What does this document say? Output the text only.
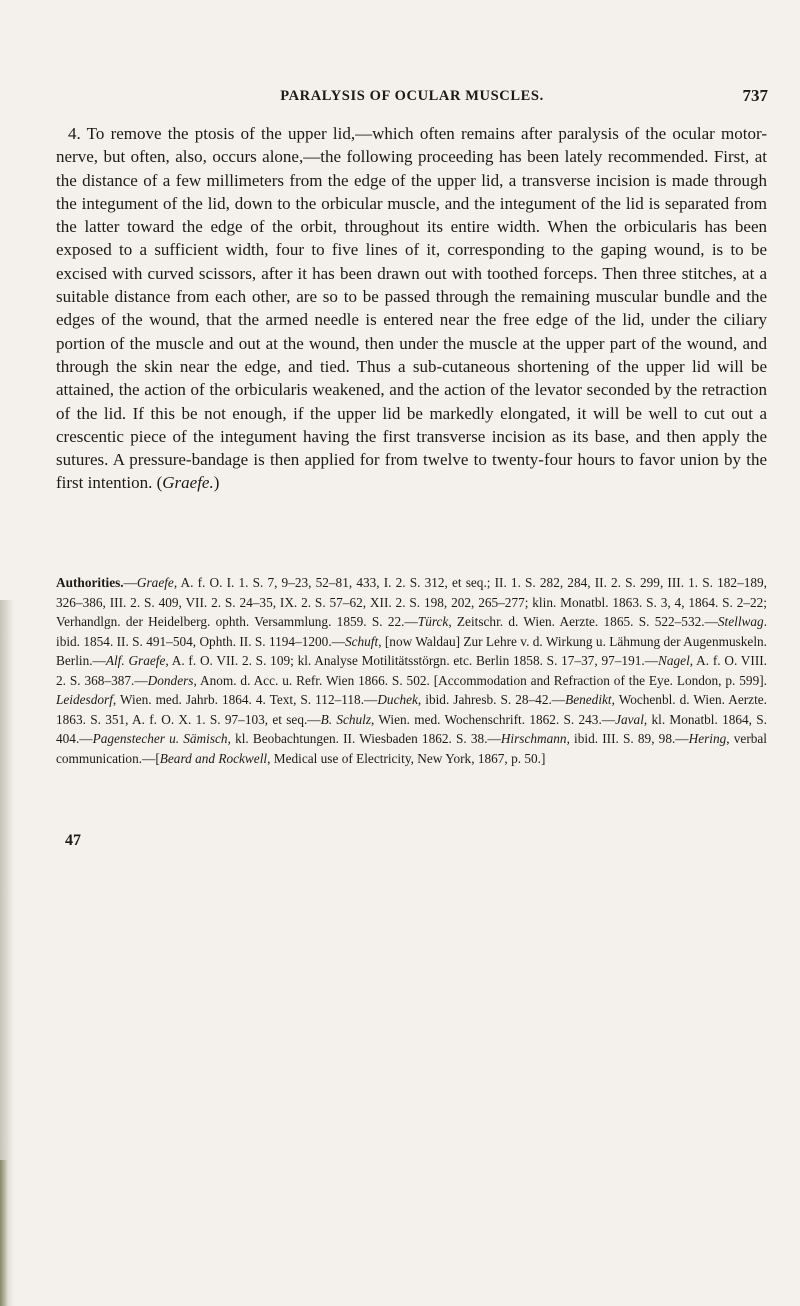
PARALYSIS OF OCULAR MUSCLES.	737

4. To remove the ptosis of the upper lid,—which often remains after paralysis of the ocular motor-nerve, but often, also, occurs alone,—the following proceeding has been lately recommended. First, at the distance of a few millimeters from the edge of the upper lid, a transverse incision is made through the integument of the lid, down to the orbicular muscle, and the integument of the lid is separated from the latter toward the edge of the orbit, throughout its entire width. When the orbicularis has been exposed to a sufficient width, four to five lines of it, corresponding to the gaping wound, is to be excised with curved scissors, after it has been drawn out with toothed forceps. Then three stitches, at a suitable distance from each other, are so to be passed through the remaining muscular bundle and the edges of the wound, that the armed needle is entered near the free edge of the lid, under the ciliary portion of the muscle and out at the wound, then under the muscle at the upper part of the wound, and through the skin near the edge, and tied. Thus a sub-cutaneous shortening of the upper lid will be attained, the action of the orbicularis weakened, and the action of the levator seconded by the retraction of the lid. If this be not enough, if the upper lid be markedly elongated, it will be well to cut out a crescentic piece of the integument having the first transverse incision as its base, and then apply the sutures. A pressure-bandage is then applied for from twelve to twenty-four hours to favor union by the first intention. (Graefe.)

Authorities.—Graefe, A. f. O. I. 1. S. 7, 9–23, 52–81, 433, I. 2. S. 312, et seq.; II. 1. S. 282, 284, II. 2. S. 299, III. 1. S. 182–189, 326–386, III. 2. S. 409, VII. 2. S. 24–35, IX. 2. S. 57–62, XII. 2. S. 198, 202, 265–277; klin. Monatbl. 1863. S. 3, 4, 1864. S. 2–22; Verhandlgn. der Heidelberg. ophth. Versammlung. 1859. S. 22.—Türck, Zeitschr. d. Wien. Aerzte. 1865. S. 522–532.—Stellwag. ibid. 1854. II. S. 491–504, Ophth. II. S. 1194–1200.—Schuft, [now Waldau] Zur Lehre v. d. Wirkung u. Lähmung der Augenmuskeln. Berlin.—Alf. Graefe, A. f. O. VII. 2. S. 109; kl. Analyse Motilitätsstörgn. etc. Berlin 1858. S. 17–37, 97–191.—Nagel, A. f. O. VIII. 2. S. 368–387.—Donders, Anom. d. Acc. u. Refr. Wien 1866. S. 502. [Accommodation and Refraction of the Eye. London, p. 599]. Leidesdorf, Wien. med. Jahrb. 1864. 4. Text, S. 112–118.—Duchek, ibid. Jahresb. S. 28–42.—Benedikt, Wochenbl. d. Wien. Aerzte. 1863. S. 351, A. f. O. X. 1. S. 97–103, et seq.—B. Schulz, Wien. med. Wochenschrift. 1862. S. 243.—Javal, kl. Monatbl. 1864, S. 404.—Pagenstecher u. Sämisch, kl. Beobachtungen. II. Wiesbaden 1862. S. 38.—Hirschmann, ibid. III. S. 89, 98.—Hering, verbal communication.—[Beard and Rockwell, Medical use of Electricity, New York, 1867, p. 50.]

47
